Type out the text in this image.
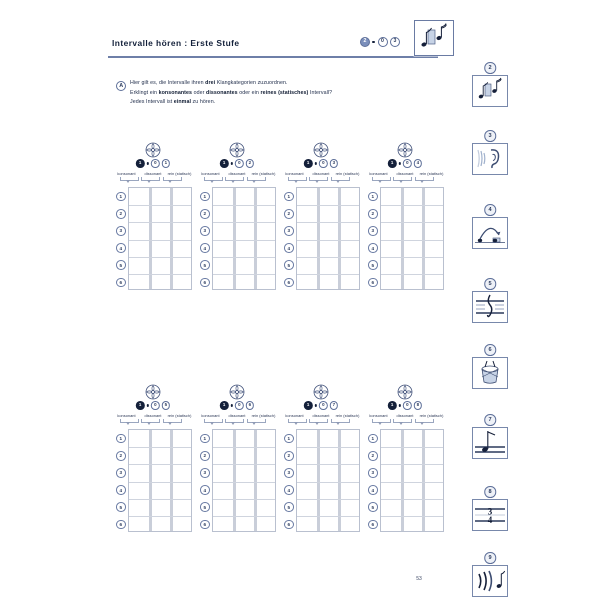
Intervalle hören : Erste Stufe	2	0	3
A

Hier gilt es, die Intervalle ihren drei Klangkategorien zuzuordnen.

Erklingt ein konsonantes oder dissonantes oder ein reines (statisches) Intervall?

Jedes Intervall ist einmal zu hören.

1	0	1
konsonant	dissonant	rein (statisch)
1
2
3
4
5
6
1	0	2
konsonant	dissonant	rein (statisch)
1
2
3
4
5
6
1	0	3
konsonant	dissonant	rein (statisch)
1
2
3
4
5
6
1	0	4
konsonant	dissonant	rein (statisch)
1
2
3
4
5
6
1	0	5
konsonant	dissonant	rein (statisch)
1
2
3
4
5
6
1	0	6
konsonant	dissonant	rein (statisch)
1
2
3
4
5
6
1	0	7
konsonant	dissonant	rein (statisch)
1
2
3
4
5
6
1	0	8
konsonant	dissonant	rein (statisch)
1
2
3
4
5
6
2
3
4
5
6
7
8
3
4
9
53
